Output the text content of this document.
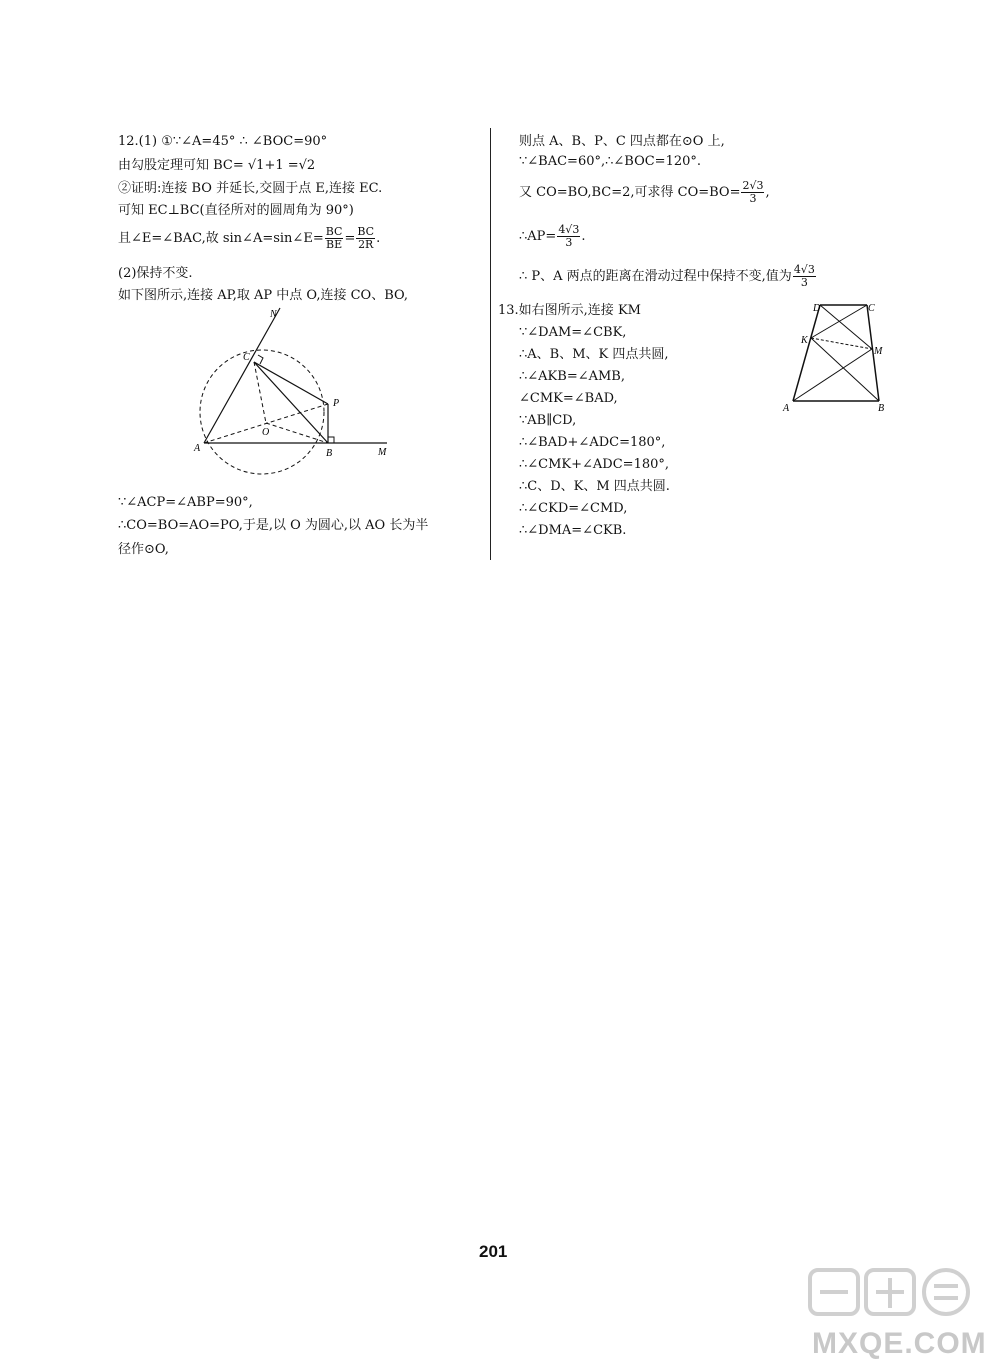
12.(1) ①∵∠A=45° ∴ ∠BOC=90°
由勾股定理可知 BC= √1+1 =√2
②证明:连接 BO 并延长,交圆于点 E,连接 EC.
可知 EC⊥BC(直径所对的圆周角为 90°)
且∠E=∠BAC,故 sin∠A=sin∠E= $\frac{BC}{BE} = \frac{BC}{2R}$ .
(2)保持不变.
如下图所示,连接 AP,取 AP 中点 O,连接 CO、BO,
N
C
P
O
A	B	M
∵∠ACP=∠ABP=90°,
∴CO=BO=AO=PO,于是,以 O 为圆心,以 AO 长为半
径作⊙O,
则点 A、B、P、C 四点都在⊙O 上,
∵∠BAC=60°,∴∠BOC=120°.
又 CO=BO,BC=2,可求得 $CO=BO= \frac{2√3}{3}$ ,
∴AP= $\frac{4√3}{3}$ .
∴ P、A 两点的距离在滑动过程中保持不变,值为 $\frac{4√3}{3}$
13.如右图所示,连接 KM
∵∠DAM=∠CBK,
∴A、B、M、K 四点共圆,
∴∠AKB=∠AMB,
∠CMK=∠BAD,
∵AB∥CD,
∴∠BAD+∠ADC=180°,
∴∠CMK+∠ADC=180°,
∴C、D、K、M 四点共圆.
∴∠CKD=∠CMD,
∴∠DMA=∠CKB.
D	C
K
M
A	B
201
MXQE.COM
